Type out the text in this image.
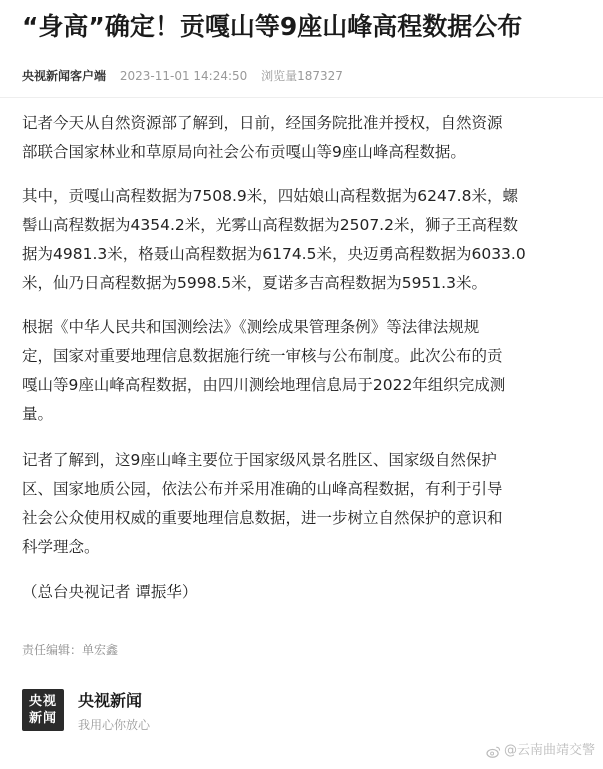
“身高”确定！贡嘎山等9座山峰高程数据公布
央视新闻客户端 2023-11-01 14:24:50 浏览量187327
记者今天从自然资源部了解到，日前，经国务院批准并授权，自然资源
部联合国家林业和草原局向社会公布贡嘎山等9座山峰高程数据。
其中，贡嘎山高程数据为7508.9米，四姑娘山高程数据为6247.8米，螺
髻山高程数据为4354.2米，光雾山高程数据为2507.2米，狮子王高程数
据为4981.3米，格聂山高程数据为6174.5米，央迈勇高程数据为6033.0
米，仙乃日高程数据为5998.5米，夏诺多吉高程数据为5951.3米。
根据《中华人民共和国测绘法》《测绘成果管理条例》等法律法规规
定，国家对重要地理信息数据施行统一审核与公布制度。此次公布的贡
嘎山等9座山峰高程数据，由四川测绘地理信息局于2022年组织完成测
量。
记者了解到，这9座山峰主要位于国家级风景名胜区、国家级自然保护
区、国家地质公园，依法公布并采用准确的山峰高程数据，有利于引导
社会公众使用权威的重要地理信息数据，进一步树立自然保护的意识和
科学理念。
（总台央视记者 谭振华）
责任编辑：单宏鑫
央视
新闻
央视新闻
我用心你放心
@云南曲靖交警
